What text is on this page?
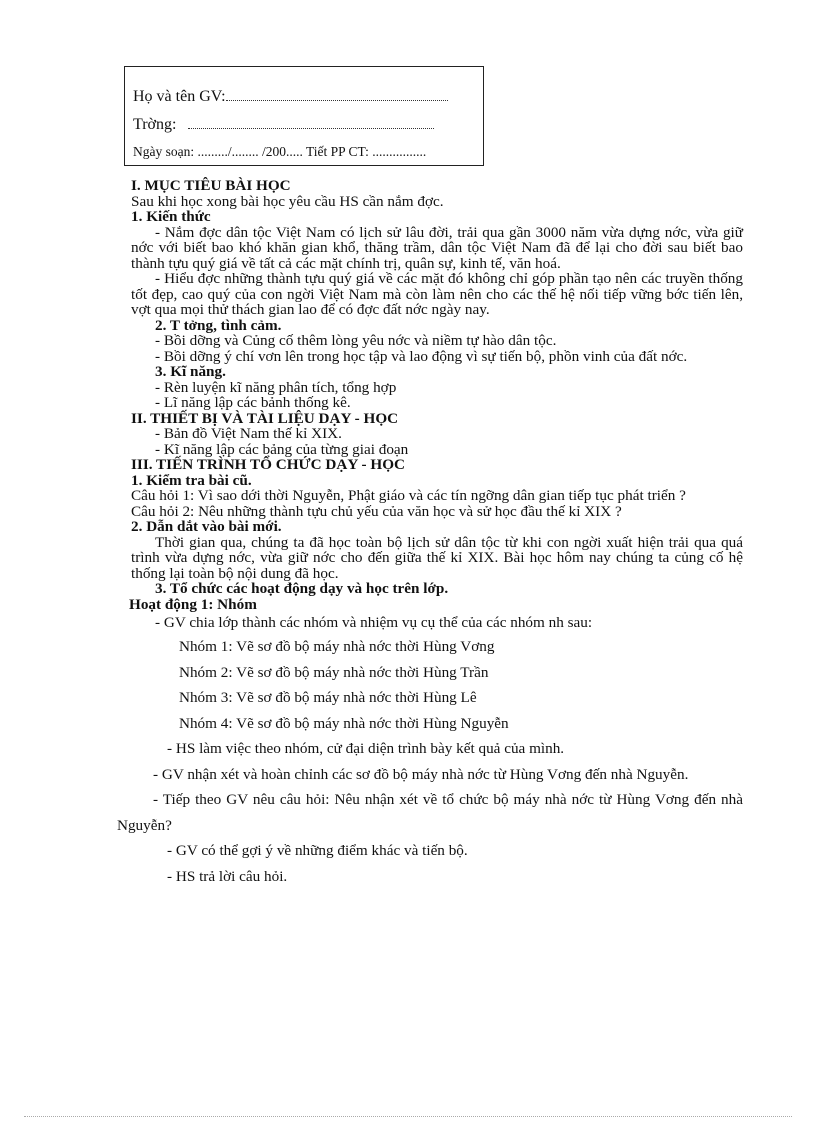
Họ và tên GV:
Trờng:
Ngày soạn: ........./........ /200..... Tiết PP CT: ................

I. MỤC TIÊU BÀI HỌC

Sau khi học xong bài học yêu cầu HS cần nắm đợc.

1. Kiến thức

- Nắm đợc dân tộc Việt Nam có lịch sử lâu đời, trải qua gần 3000 năm vừa dựng nớc, vừa giữ nớc với biết bao khó khăn gian khổ, thăng trầm, dân tộc Việt Nam đã để lại cho đời sau biết bao thành tựu quý giá về tất cả các mặt chính trị, quân sự, kinh tế, văn hoá.

- Hiểu đợc những thành tựu quý giá về các mặt đó không chỉ góp phần tạo nên các truyền thống tốt đẹp, cao quý của con ngời Việt Nam mà còn làm nên cho các thế hệ nối tiếp vững bớc tiến lên, vợt qua mọi thử thách gian lao để có đợc đất nớc ngày nay.

2. T tởng, tình cảm.

- Bồi dỡng và Củng cố thêm lòng yêu nớc và niềm tự hào dân tộc.

- Bồi dỡng ý chí vơn lên trong học tập và lao động vì sự tiến bộ, phồn vinh của đất nớc.

3. Kĩ năng.

- Rèn luyện kĩ năng phân tích, tổng hợp

- Lĩ năng lập các bảnh thống kê.

II. THIẾT BỊ VÀ TÀI LIỆU DẠY - HỌC

- Bản đồ Việt Nam thế kỉ XIX.

- Kĩ năng lập các bảng của từng giai đoạn

III. TIẾN TRÌNH TỔ CHỨC DẠY - HỌC

1. Kiểm tra bài cũ.

Câu hỏi 1: Vì sao dới thời Nguyễn, Phật giáo và các tín ngỡng dân gian tiếp tục phát triển ?

Câu hỏi 2: Nêu những thành tựu chủ yếu của văn học và sử học đầu thế kỉ XIX ?

2. Dẫn dắt vào bài mới.

Thời gian qua, chúng ta đã học toàn bộ lịch sử dân tộc từ khi con ngời xuất hiện trải qua quá trình vừa dựng nớc, vừa giữ nớc cho đến giữa thế kỉ XIX. Bài học hôm nay chúng ta củng cố hệ thống lại toàn bộ nội dung đã học.

3. Tổ chức các hoạt động dạy và học trên lớp.

Hoạt động 1: Nhóm

- GV chia lớp thành các nhóm và nhiệm vụ cụ thể của các nhóm nh sau:

Nhóm 1: Vẽ sơ đồ bộ máy nhà nớc thời Hùng Vơng

Nhóm 2: Vẽ sơ đồ bộ máy nhà nớc thời Hùng Trần

Nhóm 3: Vẽ sơ đồ bộ máy nhà nớc thời Hùng Lê

Nhóm 4: Vẽ sơ đồ bộ máy nhà nớc thời Hùng Nguyễn

- HS làm việc theo nhóm, cử đại diện trình bày kết quả của mình.

- GV nhận xét và hoàn chỉnh các sơ đồ bộ máy nhà nớc từ Hùng Vơng đến nhà Nguyễn.

- Tiếp theo GV nêu câu hỏi: Nêu nhận xét về tổ chức bộ máy nhà nớc từ Hùng Vơng đến nhà Nguyễn?

- GV có thể gợi ý về những điểm khác và tiến bộ.

- HS trả lời câu hỏi.
